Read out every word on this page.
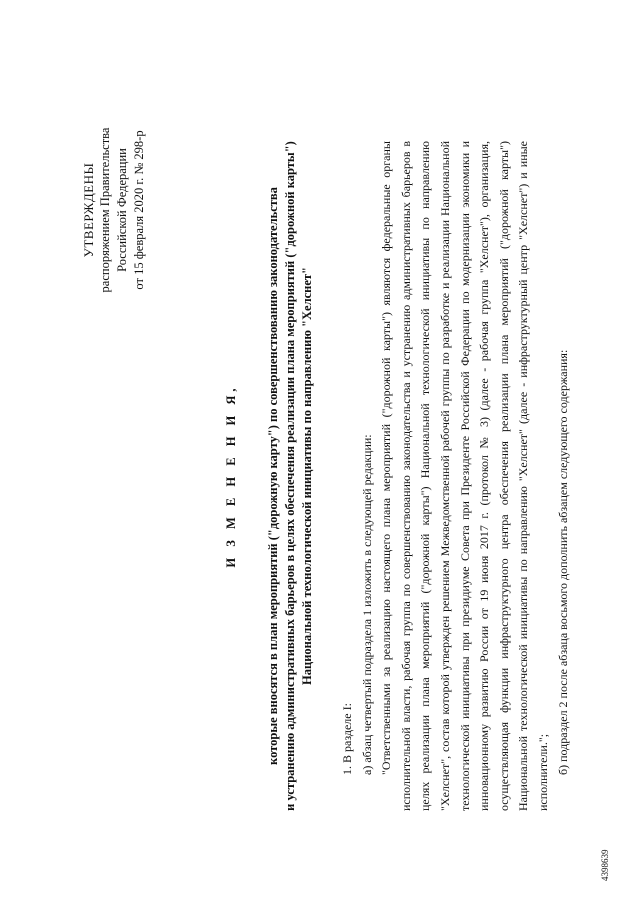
УТВЕРЖДЕНЫ распоряжением Правительства Российской Федерации от 15 февраля 2020 г. № 298-р
И З М Е Н Е Н И Я, которые вносятся в план мероприятий ("дорожную карту") по совершенствованию законодательства и устранению административных барьеров в целях обеспечения реализации плана мероприятий ("дорожной карты") Национальной технологической инициативы по направлению "Хелснет"

1. В разделе I: а) абзац четвертый подраздела 1 изложить в следующей редакции: "Ответственными за реализацию настоящего плана мероприятий ("дорожной карты") являются федеральные органы исполнительной власти, рабочая группа по совершенствованию законодательства и устранению административных барьеров в целях реализации плана мероприятий ("дорожной карты") Национальной технологической инициативы по направлению "Хелснет", состав которой утвержден решением Межведомственной рабочей группы по разработке и реализации Национальной технологической инициативы при президиуме Совета при Президенте Российской Федерации по модернизации экономики и инновационному развитию России от 19 июня 2017 г. (протокол № 3) (далее - рабочая группа "Хелснет"), организация, осуществляющая функции инфраструктурного центра обеспечения реализации плана мероприятий ("дорожной карты") Национальной технологической инициативы по направлению "Хелснет" (далее - инфраструктурный центр "Хелснет") и иные исполнители."; б) подраздел 2 после абзаца восьмого дополнить абзацем следующего содержания:

4398639
